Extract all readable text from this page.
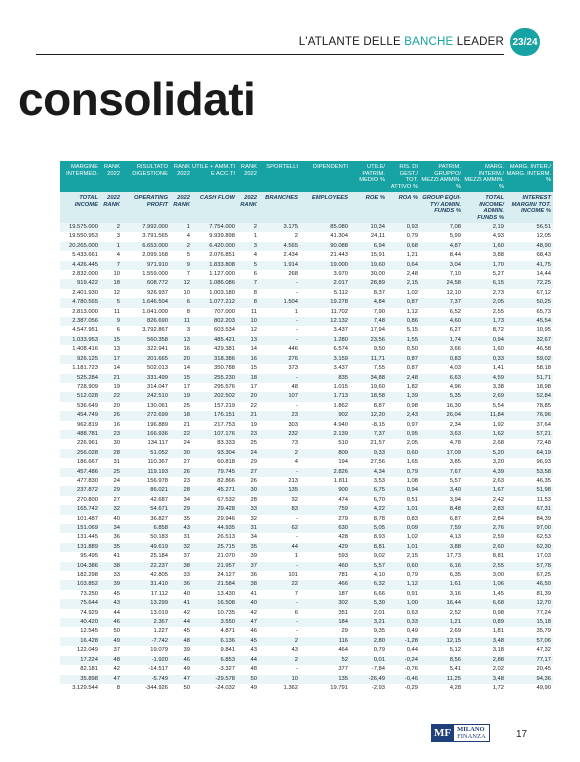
L'ATLANTE DELLE BANCHE LEADER 23/24
consolidati
MARGINE INTERMED.	RANK 2022	RISULTATO DIGESTIONE	RANK 2022	UTILE + AMM.TI E ACC.TI	RANK 2022	SPORTELLI	DIPENDENTI	UTILE/ PATRIM. MEDIO %	RIS. DI GEST./ TOT. ATTIVO %	PATRIM. GRUPPO/ MEZZI AMMIN. %	MARG. INTERM./ MEZZI AMMIN. %	MARG. INTER./ MARG. INTERM. %
TOTAL INCOME	2022 RANK	OPERATING PROFIT	2022 RANK	CASH FLOW	2022 RANK	BRANCHES	EMPLOYEES	ROE %	ROA %	GROUP EQUI-TY/ ADMIN. FUNDS %	TOTAL INCOME/ ADMIN. FUNDS %	INTEREST MARGIN/ TOT. INCOME %
19.575.000	2	7.992.000	1	7.754.000	2	3.175	85.080	10,34	0,93	7,08	2,19	56,51
19.550.953	3	3.791.565	4	9.939.898	1	2	41.304	24,11	0,79	5,99	4,93	12,05
20.265.000	1	6.653.000	2	6.420.000	3	4.565	90.088	6,94	0,68	4,87	1,60	48,90
5.433.661	4	2.099.168	5	2.076.851	4	2.434	21.443	15,91	1,21	8,44	3,88	68,43
4.426.445	7	971.910	9	1.833.808	5	1.914	19.000	19,60	0,64	3,04	1,70	41,75
2.832.000	10	1.559.000	7	1.127.000	6	268	3.970	30,00	2,48	7,10	5,27	14,44
919.422	18	608.772	12	1.086.086	7	-	2.017	28,89	2,15	24,58	6,15	72,25
2.401.930	12	926.937	10	1.003.180	8	-	5.112	8,37	1,02	12,10	2,73	67,12
4.780.565	5	1.646.504	6	1.077.212	8	1.504	19.278	4,84	0,87	7,37	2,05	50,25
2.813.000	11	1.041.000	8	707.000	11	1	11.702	7,90	1,12	6,52	2,55	65,73
2.387.056	9	826.690	11	802.203	10	-	12.132	7,48	0,86	4,60	1,73	45,54
4.547.951	6	3.792.867	3	603.534	12	-	3.437	17,94	5,15	6,27	8,72	10,95
1.033.953	15	560.358	13	485.421	13	-	1.280	23,56	1,55	1,74	0,94	32,67
1.408.416	13	322.941	16	429.381	14	446	6.574	9,50	0,50	3,66	1,60	46,58
926.125	17	201.665	20	318.386	16	276	3.159	11,71	0,87	0,83	0,33	59,02
1.181.723	14	502.013	14	350.788	15	373	3.437	7,55	0,87	4,03	1,41	58,18
525.284	21	331.499	15	255.230	18	-	835	34,88	2,48	6,63	4,59	51,71
728.909	19	314.047	17	295.576	17	48	1.015	19,60	1,82	4,96	3,38	18,98
512.028	22	242.510	19	202.502	20	107	1.713	18,58	1,39	5,35	2,69	52,84
536.649	20	130.061	25	157.219	22	-	1.862	8,87	0,98	16,30	5,54	78,85
454.749	26	272.699	18	176.151	21	23	902	12,20	2,43	26,04	11,84	76,96
962.819	16	196.889	21	217.753	19	303	4.940	-8,15	0,97	2,34	1,92	37,64
488.781	23	166.936	22	107.176	23	232	2.139	7,37	0,95	3,63	1,62	57,21
226.961	30	134.117	24	83.333	25	73	510	21,57	2,05	4,78	2,68	72,48
256.028	28	51.052	30	93.304	24	2	809	9,33	0,60	17,09	5,20	64,19
186.667	31	110.367	27	60.818	29	4	194	27,56	1,65	3,85	3,20	96,93
457.486	25	119.193	26	79.745	27	-	2.826	4,34	0,79	7,67	4,39	53,58
477.830	24	156.978	23	82.866	26	213	1.811	3,53	1,08	5,57	2,63	46,35
237.872	29	86.021	28	45.271	30	135	900	6,75	0,94	3,40	1,67	51,98
270.800	27	42.687	34	67.532	28	32	474	6,70	0,51	3,94	2,42	11,53
165.742	32	54.671	29	29.428	33	83	759	4,22	1,01	8,48	2,83	67,31
101.487	40	36.827	35	29.946	32	-	279	8,78	0,83	6,87	2,84	84,39
151.069	34	6.858	43	44.935	31	62	630	5,05	0,09	7,59	2,76	97,00
131.445	36	50.183	31	26.513	34	-	428	8,93	1,02	4,13	2,59	62,53
131.889	35	49.619	32	25.715	35	44	429	8,81	1,01	3,88	2,60	62,30
95.495	41	25.184	37	21.070	39	1	593	9,02	2,15	17,73	8,81	17,03
104.386	38	22.237	38	21.957	37	-	460	5,57	0,60	6,16	2,55	57,78
182.298	33	42.805	33	24.127	36	101	781	4,10	0,79	6,35	3,00	67,25
103.852	39	31.410	36	21.584	38	22	466	6,32	1,12	1,61	1,06	46,50
73.250	45	17.112	40	13.430	41	7	187	6,66	0,91	3,16	1,45	81,39
75.644	43	13.299	41	16.508	40	-	302	5,30	1,00	16,44	6,68	12,70
74.929	44	13.019	42	10.735	42	6	351	2,01	0,63	2,52	0,98	77,24
40.420	46	2.367	44	3.550	47	-	184	3,21	0,33	1,21	0,89	15,18
12.545	50	1.227	45	4.871	46	-	29	9,35	0,49	2,69	1,81	35,79
16.428	49	-7.742	48	6.136	45	2	116	2,80	-1,28	12,15	3,48	57,06
122.049	37	19.079	39	9.841	43	43	464	0,79	0,44	5,12	3,18	47,32
17.224	48	-1.920	46	6.853	44	2	52	0,01	-0,24	8,56	2,88	77,17
82.181	42	-14.517	49	-3.327	48	-	377	-7,84	-0,76	5,41	2,02	20,45
35.898	47	-5.749	47	-29.578	50	10	135	-26,49	-0,46	11,25	3,48	94,36
3.129.544	8	-344.926	50	-24.032	49	1.362	19.791	-2,93	-0,29	4,28	1,72	49,90
MF MILANO
FINANZA	17
